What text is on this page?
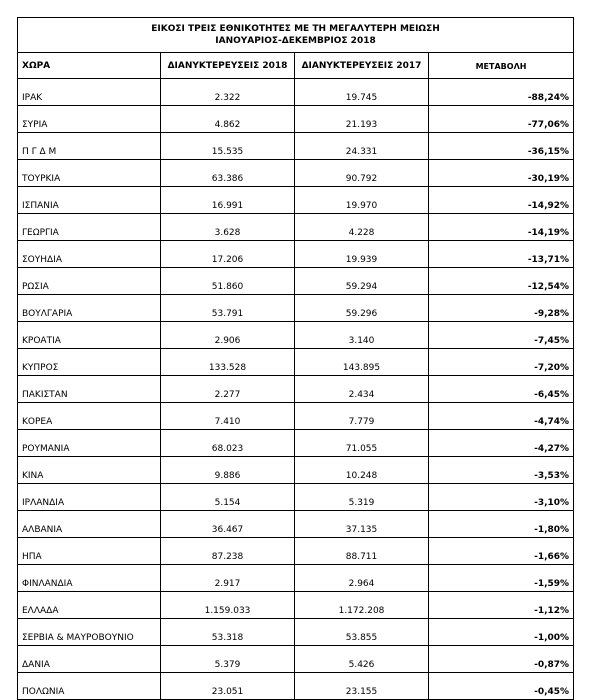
ΕΙΚΟΣΙ ΤΡΕΙΣ ΕΘΝΙΚΟΤΗΤΕΣ ΜΕ ΤΗ ΜΕΓΑΛΥΤΕΡΗ ΜΕΙΩΣΗ
ΙΑΝΟΥΑΡΙΟΣ-ΔΕΚΕΜΒΡΙΟΣ 2018			

ΧΩΡΑ	ΔΙΑΝΥΚΤΕΡΕΥΣΕΙΣ 2018	ΔΙΑΝΥΚΤΕΡΕΥΣΕΙΣ 2017	ΜΕΤΑΒΟΛΗ
ΙΡΑΚ	2.322	19.745	-88,24%
ΣΥΡΙΑ	4.862	21.193	-77,06%
Π Γ Δ Μ	15.535	24.331	-36,15%
ΤΟΥΡΚΙΑ	63.386	90.792	-30,19%
ΙΣΠΑΝΙΑ	16.991	19.970	-14,92%
ΓΕΩΡΓΙΑ	3.628	4.228	-14,19%
ΣΟΥΗΔΙΑ	17.206	19.939	-13,71%
ΡΩΣΙΑ	51.860	59.294	-12,54%
ΒΟΥΛΓΑΡΙΑ	53.791	59.296	-9,28%
ΚΡΟΑΤΙΑ	2.906	3.140	-7,45%
ΚΥΠΡΟΣ	133.528	143.895	-7,20%
ΠΑΚΙΣΤΑΝ	2.277	2.434	-6,45%
ΚΟΡΕΑ	7.410	7.779	-4,74%
ΡΟΥΜΑΝΙΑ	68.023	71.055	-4,27%
ΚΙΝΑ	9.886	10.248	-3,53%
ΙΡΛΑΝΔΙΑ	5.154	5.319	-3,10%
ΑΛΒΑΝΙΑ	36.467	37.135	-1,80%
ΗΠΑ	87.238	88.711	-1,66%
ΦΙΝΛΑΝΔΙΑ	2.917	2.964	-1,59%
ΕΛΛΑΔΑ	1.159.033	1.172.208	-1,12%
ΣΕΡΒΙΑ & ΜΑΥΡΟΒΟΥΝΙΟ	53.318	53.855	-1,00%
ΔΑΝΙΑ	5.379	5.426	-0,87%
ΠΟΛΩΝΙΑ	23.051	23.155	-0,45%
